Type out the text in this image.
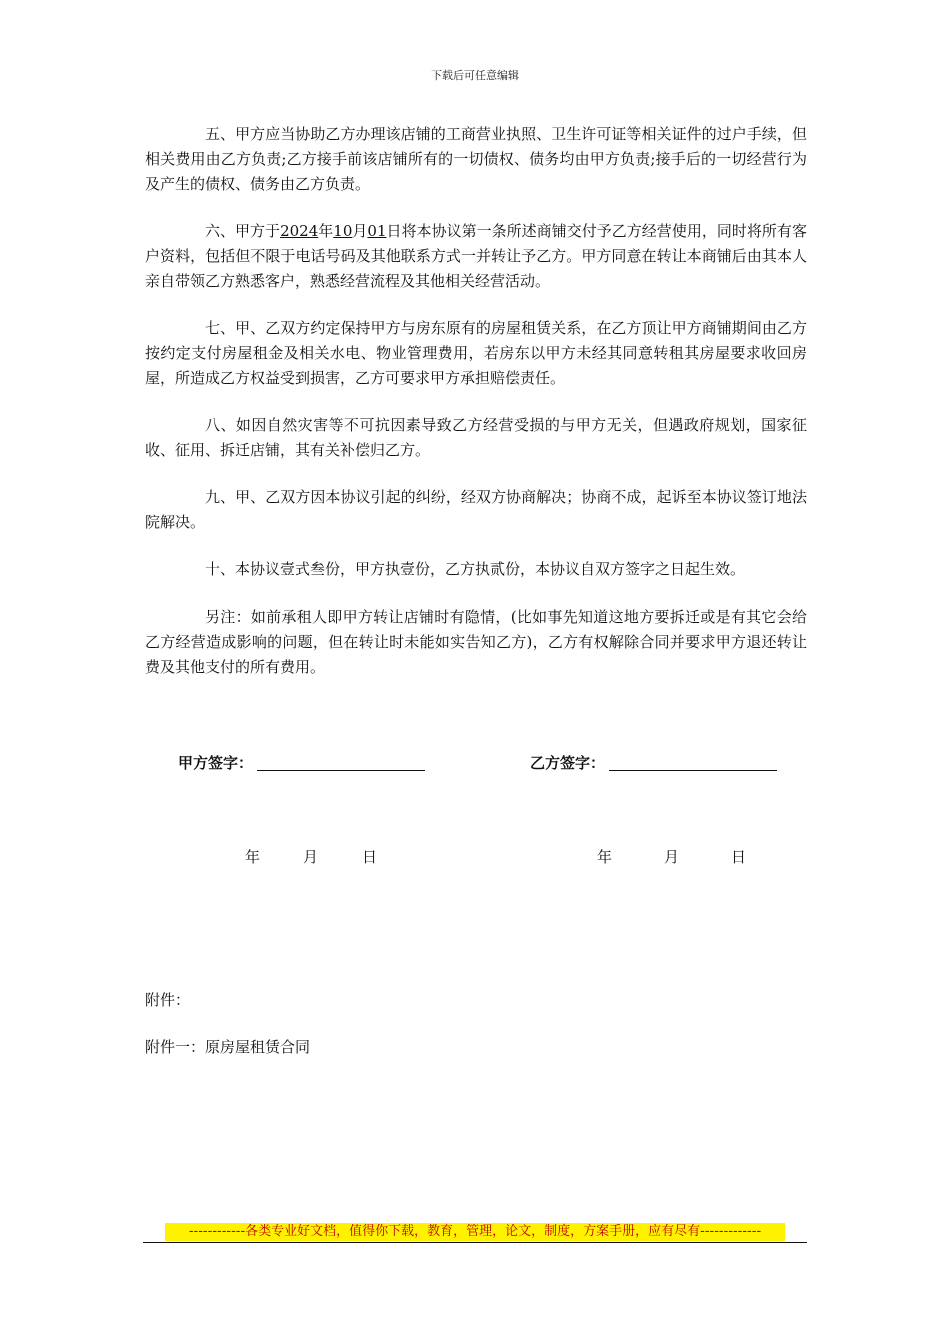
下载后可任意编辑

五、甲方应当协助乙方办理该店铺的工商营业执照、卫生许可证等相关证件的过户手续，但相关费用由乙方负责;乙方接手前该店铺所有的一切债权、债务均由甲方负责;接手后的一切经营行为及产生的债权、债务由乙方负责。

六、甲方于2024年10月01日将本协议第一条所述商铺交付予乙方经营使用，同时将所有客户资料，包括但不限于电话号码及其他联系方式一并转让予乙方。甲方同意在转让本商铺后由其本人亲自带领乙方熟悉客户，熟悉经营流程及其他相关经营活动。

七、甲、乙双方约定保持甲方与房东原有的房屋租赁关系，在乙方顶让甲方商铺期间由乙方按约定支付房屋租金及相关水电、物业管理费用，若房东以甲方未经其同意转租其房屋要求收回房屋，所造成乙方权益受到损害，乙方可要求甲方承担赔偿责任。

八、如因自然灾害等不可抗因素导致乙方经营受损的与甲方无关，但遇政府规划，国家征收、征用、拆迁店铺，其有关补偿归乙方。

九、甲、乙双方因本协议引起的纠纷，经双方协商解决；协商不成，起诉至本协议签订地法院解决。

十、本协议壹式叁份，甲方执壹份，乙方执贰份，本协议自双方签字之日起生效。

另注：如前承租人即甲方转让店铺时有隐情，(比如事先知道这地方要拆迁或是有其它会给乙方经营造成影响的问题，但在转让时未能如实告知乙方)，乙方有权解除合同并要求甲方退还转让费及其他支付的所有费用。

甲方签字：	乙方签字：
年	月	日	年	月	日
附件：
附件一：原房屋租赁合同
------------各类专业好文档，值得你下载，教育，管理，论文，制度，方案手册，应有尽有-------------
